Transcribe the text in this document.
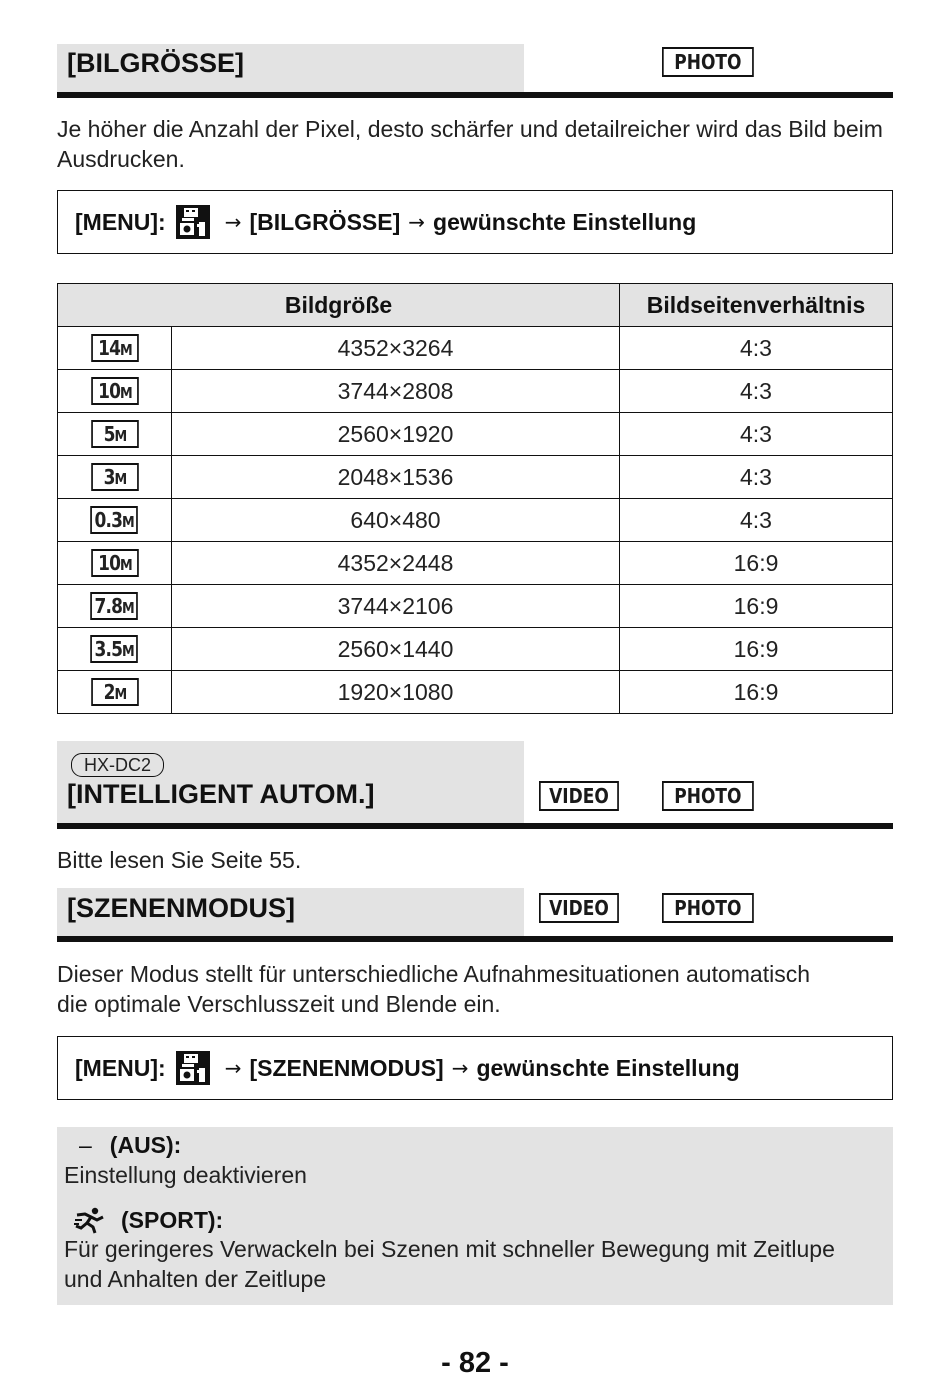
[BILGRÖSSE]	PHOTO
Je höher die Anzahl der Pixel, desto schärfer und detailreicher wird das Bild beim Ausdrucken.
[MENU]:	→ [BILGRÖSSE] → gewünschte Einstellung
Bildgröße		Bildseitenverhältnis
14M	4352×3264	4:3
10M	3744×2808	4:3
5M	2560×1920	4:3
3M	2048×1536	4:3
0.3M	640×480	4:3
10M	4352×2448	16:9
7.8M	3744×2106	16:9
3.5M	2560×1440	16:9
2M	1920×1080	16:9
HX-DC2
[INTELLIGENT AUTOM.]	VIDEO	PHOTO
Bitte lesen Sie Seite 55.
[SZENENMODUS]	VIDEO	PHOTO
Dieser Modus stellt für unterschiedliche Aufnahmesituationen automatisch die optimale Verschlusszeit und Blende ein.
[MENU]:	→ [SZENENMODUS] → gewünschte Einstellung
– (AUS):
Einstellung deaktivieren
(SPORT):
Für geringeres Verwackeln bei Szenen mit schneller Bewegung mit Zeitlupe und Anhalten der Zeitlupe
- 82 -
